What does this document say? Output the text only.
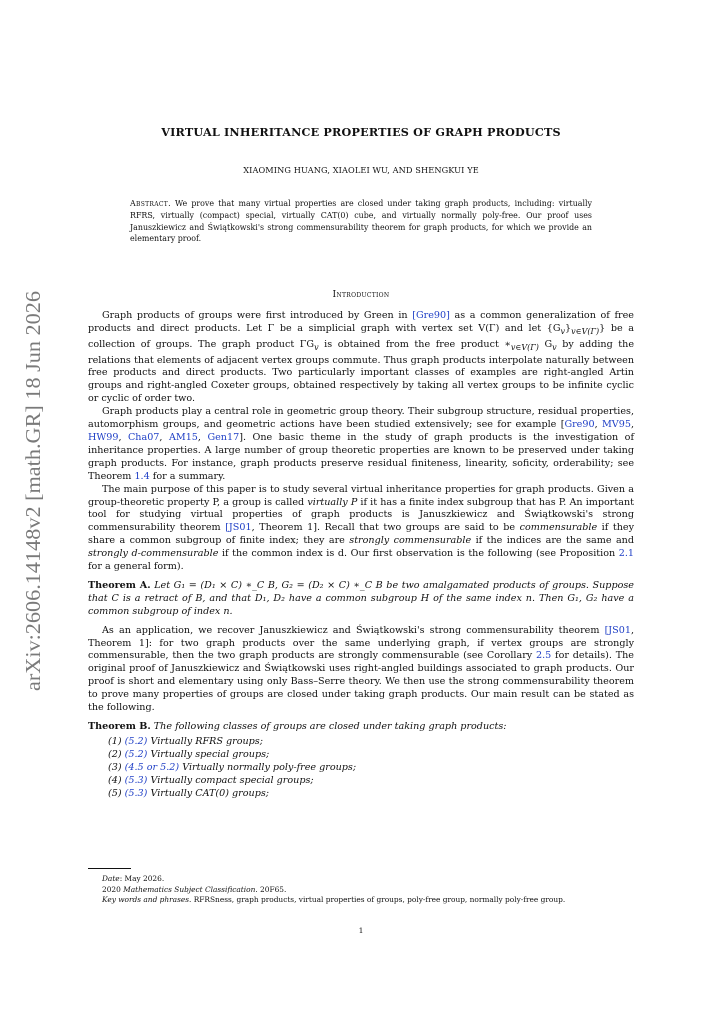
arXiv:2606.14148v2 [math.GR] 18 Jun 2026
VIRTUAL INHERITANCE PROPERTIES OF GRAPH PRODUCTS
XIAOMING HUANG, XIAOLEI WU, AND SHENGKUI YE
Abstract. We prove that many virtual properties are closed under taking graph products, including: virtually RFRS, virtually (compact) special, virtually CAT(0) cube, and virtually normally poly-free. Our proof uses Januszkiewicz and Świątkowski's strong commensurability theorem for graph products, for which we provide an elementary proof.
Introduction

Graph products of groups were first introduced by Green in [Gre90] as a common generalization of free products and direct products. Let Γ be a simplicial graph with vertex set V(Γ) and let $\{G_v\}_{v\in V(\Gamma)}$} be a collection of groups. The graph product $\Gamma G_v$ is obtained from the free product $∗_{v\in V(\Gamma)}$ $G_v$ by adding the relations that elements of adjacent vertex groups commute. Thus graph products interpolate naturally between free products and direct products. Two particularly important classes of examples are right-angled Artin groups and right-angled Coxeter groups, obtained respectively by taking all vertex groups to be infinite cyclic or cyclic of order two.

Graph products play a central role in geometric group theory. Their subgroup structure, residual properties, automorphism groups, and geometric actions have been studied extensively; see for example [Gre90, MV95, HW99, Cha07, AM15, Gen17]. One basic theme in the study of graph products is the investigation of inheritance properties. A large number of group theoretic properties are known to be preserved under taking graph products. For instance, graph products preserve residual finiteness, linearity, soficity, orderability; see Theorem 1.4 for a summary.

The main purpose of this paper is to study several virtual inheritance properties for graph products. Given a group-theoretic property P, a group is called virtually P if it has a finite index subgroup that has P. An important tool for studying virtual properties of graph products is Januszkiewicz and Świątkowski's strong commensurability theorem [JS01, Theorem 1]. Recall that two groups are said to be commensurable if they share a common subgroup of finite index; they are strongly commensurable if the indices are the same and strongly d-commensurable if the common index is d. Our first observation is the following (see Proposition 2.1 for a general form).

Theorem A. Let G₁ = (D₁ × C) ∗_C B, G₂ = (D₂ × C) ∗_C B be two amalgamated products of groups. Suppose that C is a retract of B, and that D₁, D₂ have a common subgroup H of the same index n. Then G₁, G₂ have a common subgroup of index n.

As an application, we recover Januszkiewicz and Świątkowski's strong commensurability theorem [JS01, Theorem 1]: for two graph products over the same underlying graph, if vertex groups are strongly commensurable, then the two graph products are strongly commensurable (see Corollary 2.5 for details). The original proof of Januszkiewicz and Świątkowski uses right-angled buildings associated to graph products. Our proof is short and elementary using only Bass–Serre theory. We then use the strong commensurability theorem to prove many properties of groups are closed under taking graph products. Our main result can be stated as the following.

Theorem B. The following classes of groups are closed under taking graph products:

(1) (5.2) Virtually RFRS groups;
(2) (5.2) Virtually special groups;
(3) (4.5 or 5.2) Virtually normally poly-free groups;
(4) (5.3) Virtually compact special groups;
(5) (5.3) Virtually CAT(0) groups;

Date: May 2026.

2020 Mathematics Subject Classification. 20F65.

Key words and phrases. RFRSness, graph products, virtual properties of groups, poly-free group, normally poly-free group.

1
